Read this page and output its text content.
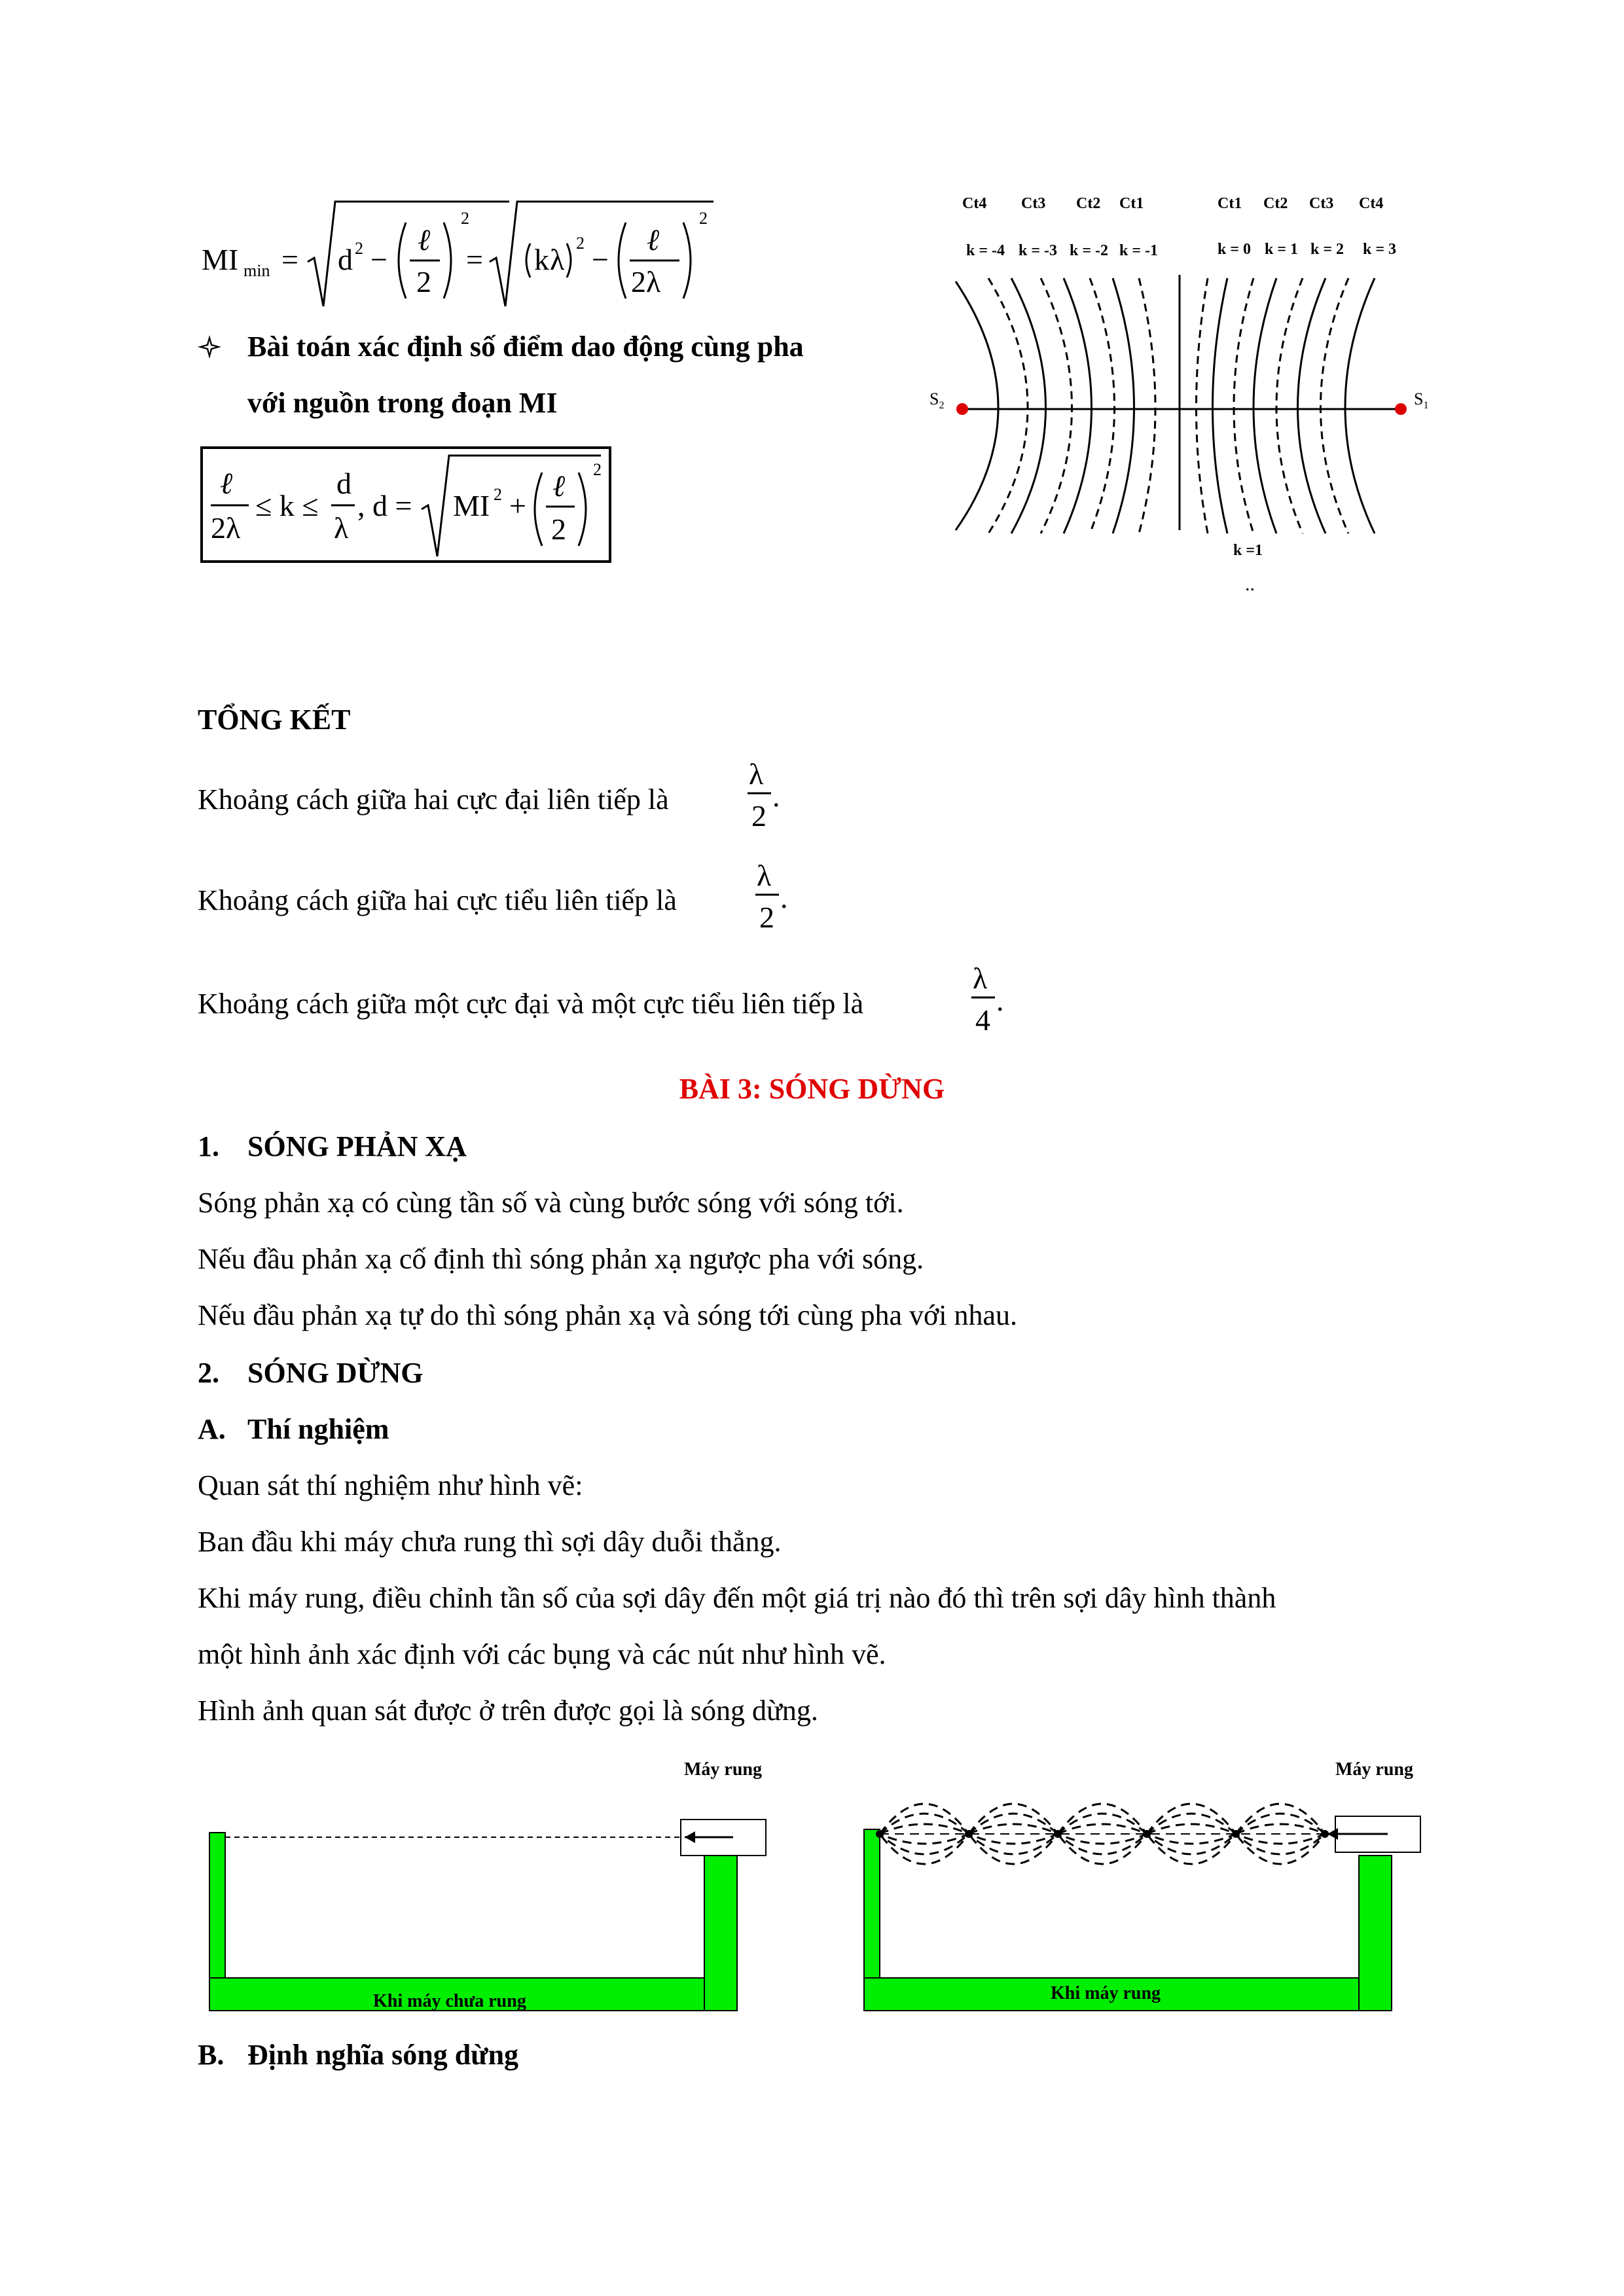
MI min = d 2 −
ℓ
2
2
= k λ 2 −
ℓ
2λ
2
Bài toán xác định số điểm dao động cùng pha
với nguồn trong đoạn MI
ℓ
2λ
≤ k ≤
d
λ
, d = MI 2 +
ℓ
2
2
Ct4 Ct3 Ct2 Ct1	Ct1 Ct2 Ct3 Ct4
k = -4 k = -3 k = -2 k = -1	k = 0 k = 1 k = 2 k = 3
k =1
$S_2$	$S_1$
..
TỔNG KẾT
Khoảng cách giữa hai cực đại liên tiếp là
λ
2
.
Khoảng cách giữa hai cực tiểu liên tiếp là
λ
2
.
Khoảng cách giữa một cực đại và một cực tiểu liên tiếp là
λ
4
.
BÀI 3: SÓNG DỪNG
1. SÓNG PHẢN XẠ
Sóng phản xạ có cùng tần số và cùng bước sóng với sóng tới.
Nếu đầu phản xạ cố định thì sóng phản xạ ngược pha với sóng.
Nếu đầu phản xạ tự do thì sóng phản xạ và sóng tới cùng pha với nhau.
2. SÓNG DỪNG
A. Thí nghiệm
Quan sát thí nghiệm như hình vẽ:
Ban đầu khi máy chưa rung thì sợi dây duỗi thẳng.
Khi máy rung, điều chỉnh tần số của sợi dây đến một giá trị nào đó thì trên sợi dây hình thành
một hình ảnh xác định với các bụng và các nút như hình vẽ.
Hình ảnh quan sát được ở trên được gọi là sóng dừng.
Máy rung
Khi máy chưa rung
Máy rung
Khi máy rung
B. Định nghĩa sóng dừng
